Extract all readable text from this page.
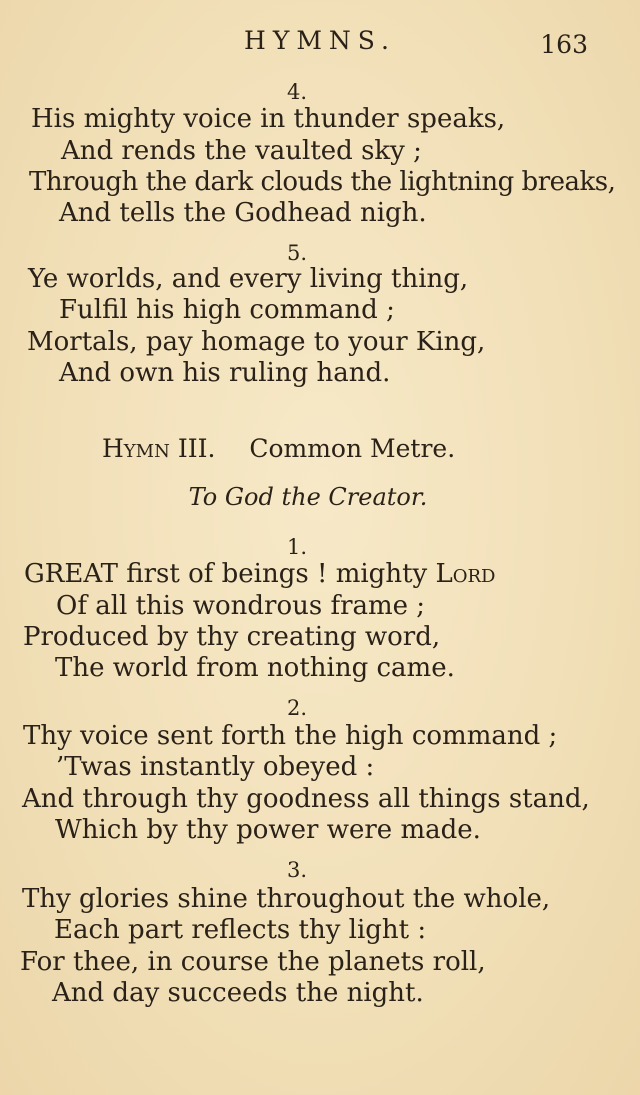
HYMNS.	163

4.

His mighty voice in thunder speaks,

And rends the vaulted sky ;

Through the dark clouds the lightning breaks,

And tells the Godhead nigh.

5.

Ye worlds, and every living thing,

Fulfil his high command ;

Mortals, pay homage to your King,

And own his ruling hand.

Hymn III. Common Metre.

To God the Creator.

1.

GREAT first of beings ! mighty Lord

Of all this wondrous frame ;

Produced by thy creating word,

The world from nothing came.

2.

Thy voice sent forth the high command ;

’Twas instantly obeyed :

And through thy goodness all things stand,

Which by thy power were made.

3.

Thy glories shine throughout the whole,

Each part reflects thy light :

For thee, in course the planets roll,

And day succeeds the night.
